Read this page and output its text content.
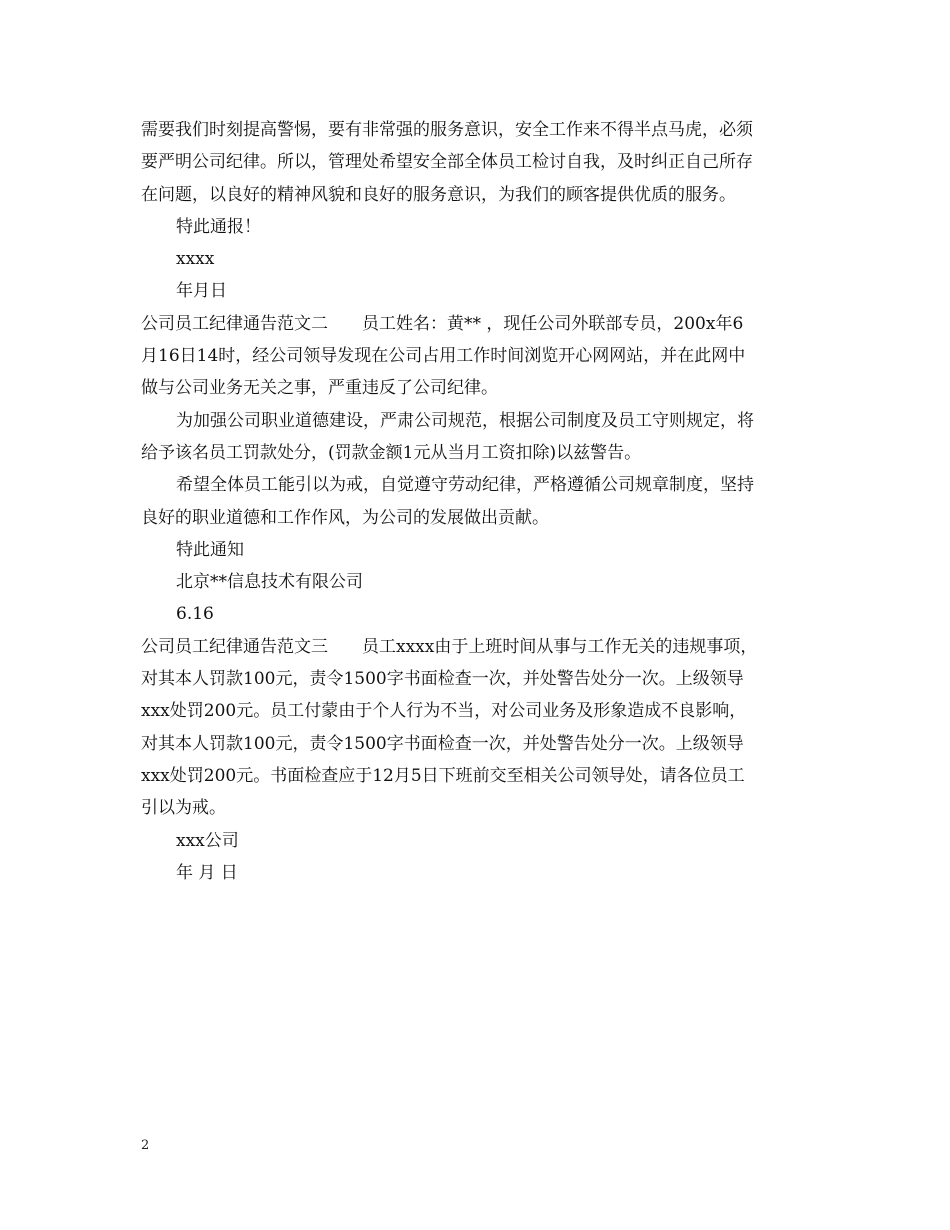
需要我们时刻提高警惕，要有非常强的服务意识，安全工作来不得半点马虎，必须
要严明公司纪律。所以，管理处希望安全部全体员工检讨自我，及时纠正自己所存
在问题，以良好的精神风貌和良好的服务意识，为我们的顾客提供优质的服务。
特此通报！
xxxx
年月日
公司员工纪律通告范文二　　员工姓名：黄** ，现任公司外联部专员，200x年6
月16日14时，经公司领导发现在公司占用工作时间浏览开心网网站，并在此网中
做与公司业务无关之事，严重违反了公司纪律。
为加强公司职业道德建设，严肃公司规范，根据公司制度及员工守则规定，将
给予该名员工罚款处分，(罚款金额1元从当月工资扣除)以兹警告。
希望全体员工能引以为戒，自觉遵守劳动纪律，严格遵循公司规章制度，坚持
良好的职业道德和工作作风，为公司的发展做出贡献。
特此通知
北京**信息技术有限公司
6.16
公司员工纪律通告范文三　　员工xxxx由于上班时间从事与工作无关的违规事项，
对其本人罚款100元，责令1500字书面检查一次，并处警告处分一次。上级领导
xxx处罚200元。员工付蒙由于个人行为不当，对公司业务及形象造成不良影响，
对其本人罚款100元，责令1500字书面检查一次，并处警告处分一次。上级领导
xxx处罚200元。书面检查应于12月5日下班前交至相关公司领导处，请各位员工
引以为戒。
xxx公司
年 月 日
2
